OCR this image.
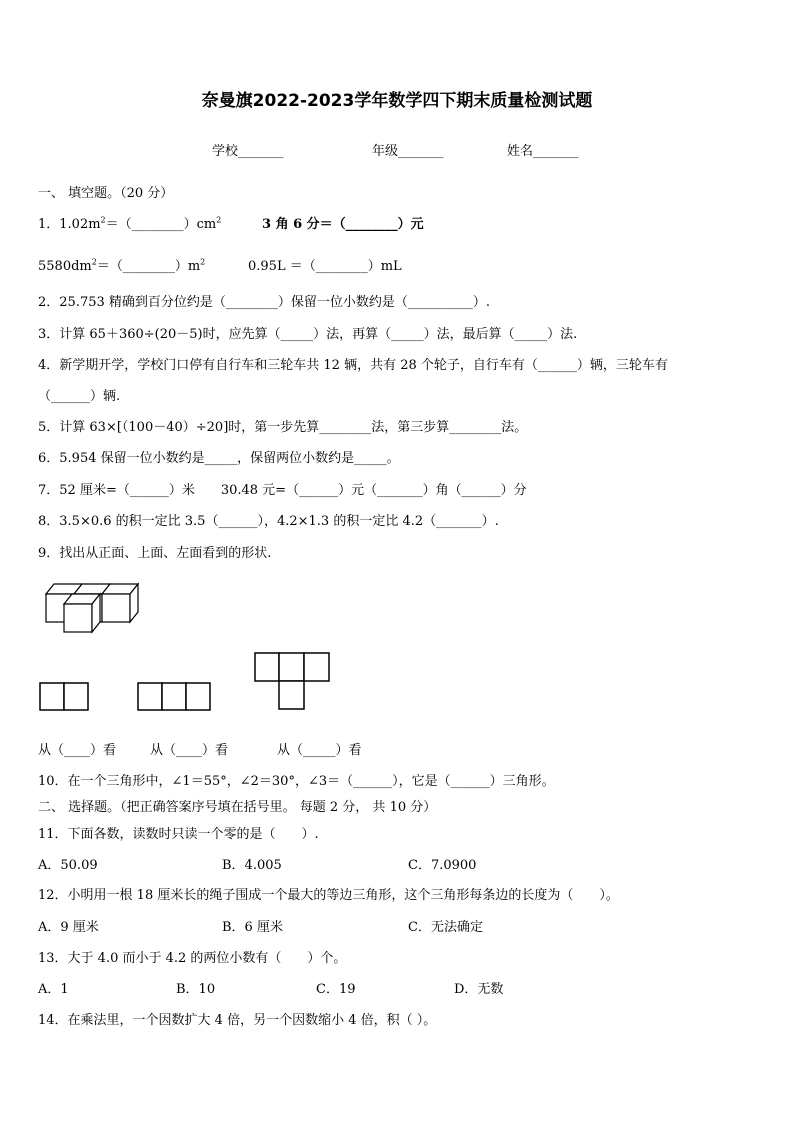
奈曼旗2022-2023学年数学四下期末质量检测试题
学校_______	年级_______	姓名_______
一、 填空题。（20 分）
1．$1.02m^2=(\_\_\_\_\_\_\_\_)cm^2$	3 角 6 分＝（________）元
$5580dm^2=(\_\_\_\_\_\_\_\_)m^2$	0.95L ＝（________）mL
2．25.753 精确到百分位约是（________）保留一位小数约是（__________）.
3．计算 65＋360÷(20－5)时，应先算（_____）法，再算（_____）法，最后算（_____）法.
4．新学期开学，学校门口停有自行车和三轮车共 12 辆，共有 28 个轮子，自行车有（______）辆，三轮车有
（______）辆.
5．计算 63×[（100－40）÷20]时，第一步先算________法，第三步算________法。
6．5.954 保留一位小数约是_____，保留两位小数约是_____。
7．52 厘米=（______）米　　30.48 元=（______）元（_______）角（______）分
8．3.5×0.6 的积一定比 3.5（______），4.2×1.3 的积一定比 4.2（_______）.
9．找出从正面、上面、左面看到的形状.
从（____）看	从（____）看	从（_____）看
10．在一个三角形中，∠1＝55°，∠2＝30°，∠3＝（______），它是（______）三角形。
二、 选择题。（把正确答案序号填在括号里。 每题 2 分， 共 10 分）
11．下面各数，读数时只读一个零的是（　　）.
A．50.09	B．4.005	C．7.0900
12．小明用一根 18 厘米长的绳子围成一个最大的等边三角形，这个三角形每条边的长度为（　　）。
A．9 厘米	B．6 厘米	C．无法确定
13．大于 4.0 而小于 4.2 的两位小数有（　　）个。
A．1	B．10	C．19	D．无数
14．在乘法里，一个因数扩大 4 倍，另一个因数缩小 4 倍，积（ ）。
